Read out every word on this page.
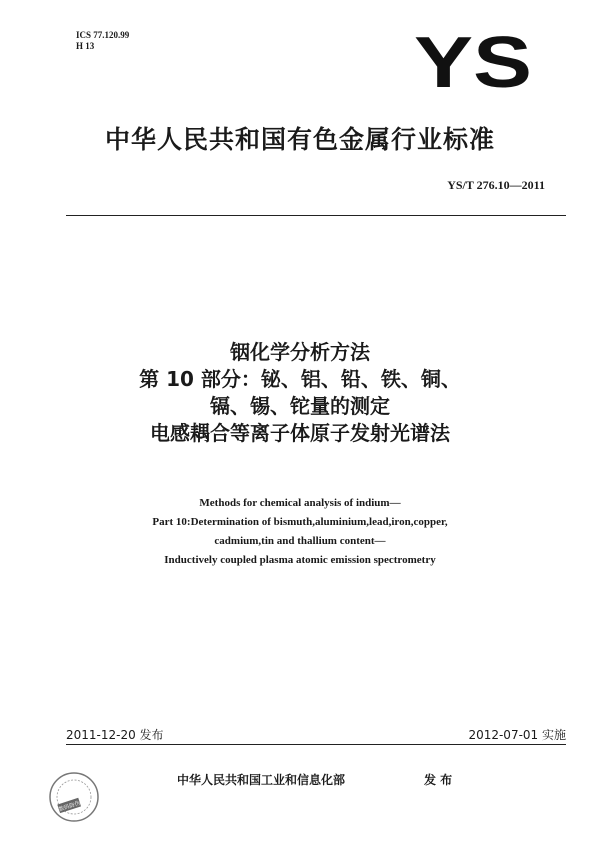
ICS 77.120.99
H 13	YS
中华人民共和国有色金属行业标准
YS/T 276.10—2011
铟化学分析方法
第 10 部分：铋、铝、铅、铁、铜、
镉、锡、铊量的测定
电感耦合等离子体原子发射光谱法
Methods for chemical analysis of indium—
Part 10:Determination of bismuth,aluminium,lead,iron,copper,
cadmium,tin and thallium content—
Inductively coupled plasma atomic emission spectrometry
2011-12-20 发布	2012-07-01 实施
数码防伪
中华人民共和国工业和信息化部	发 布
